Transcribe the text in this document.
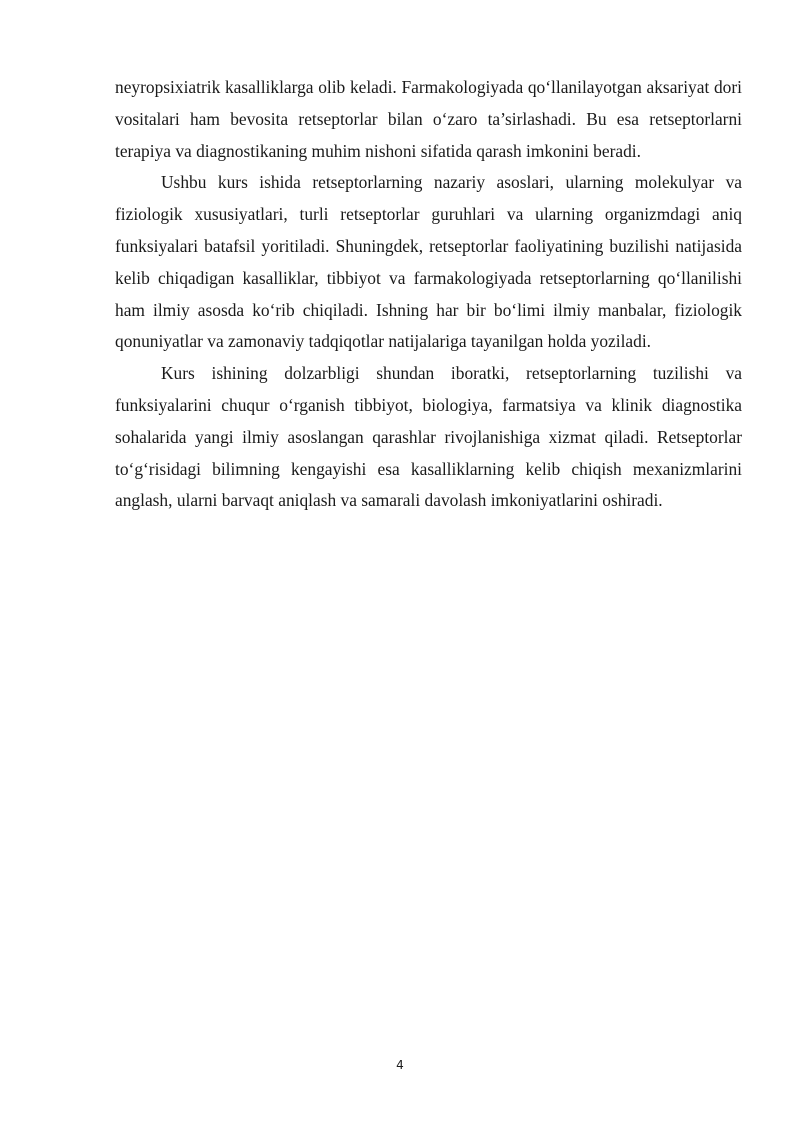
neyropsixiatrik kasalliklarga olib keladi. Farmakologiyada qo‘llanilayotgan aksariyat dori vositalari ham bevosita retseptorlar bilan o‘zaro ta’sirlashadi. Bu esa retseptorlarni terapiya va diagnostikaning muhim nishoni sifatida qarash imkonini beradi.

Ushbu kurs ishida retseptorlarning nazariy asoslari, ularning molekulyar va fiziologik xususiyatlari, turli retseptorlar guruhlari va ularning organizmdagi aniq funksiyalari batafsil yoritiladi. Shuningdek, retseptorlar faoliyatining buzilishi natijasida kelib chiqadigan kasalliklar, tibbiyot va farmakologiyada retseptorlarning qo‘llanilishi ham ilmiy asosda ko‘rib chiqiladi. Ishning har bir bo‘limi ilmiy manbalar, fiziologik qonuniyatlar va zamonaviy tadqiqotlar natijalariga tayanilgan holda yoziladi.

Kurs ishining dolzarbligi shundan iboratki, retseptorlarning tuzilishi va funksiyalarini chuqur o‘rganish tibbiyot, biologiya, farmatsiya va klinik diagnostika sohalarida yangi ilmiy asoslangan qarashlar rivojlanishiga xizmat qiladi. Retseptorlar to‘g‘risidagi bilimning kengayishi esa kasalliklarning kelib chiqish mexanizmlarini anglash, ularni barvaqt aniqlash va samarali davolash imkoniyatlarini oshiradi.

4
